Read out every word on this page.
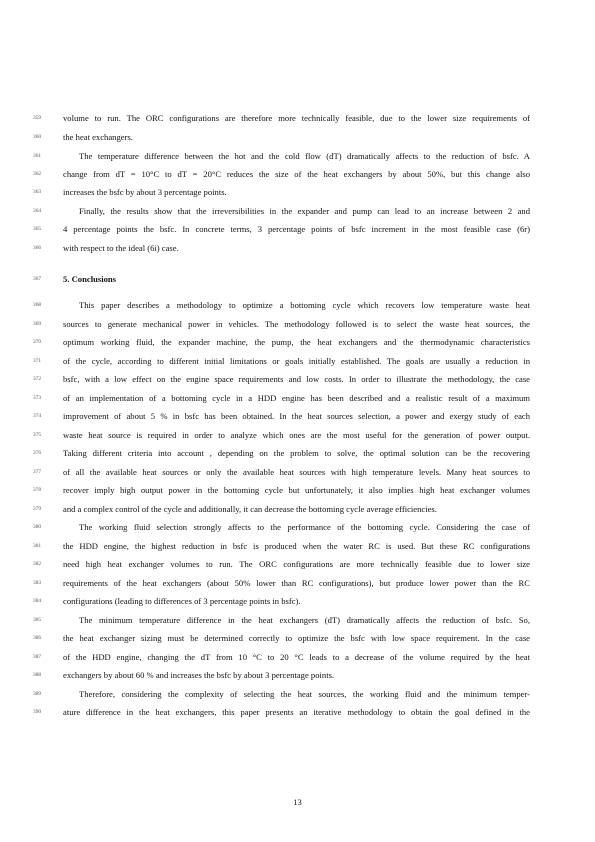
359	volume to run. The ORC configurations are therefore more technically feasible, due to the lower size requirements of
360	the heat exchangers.
361	The temperature difference between the hot and the cold flow (dT) dramatically affects to the reduction of bsfc. A
362	change from dT = 10°C to dT = 20°C reduces the size of the heat exchangers by about 50%, but this change also
363	increases the bsfc by about 3 percentage points.
364	Finally, the results show that the irreversibilities in the expander and pump can lead to an increase between 2 and
365	4 percentage points the bsfc. In concrete terms, 3 percentage points of bsfc increment in the most feasible case (6r)
366	with respect to the ideal (6i) case.
367	5. Conclusions
368	This paper describes a methodology to optimize a bottoming cycle which recovers low temperature waste heat
369	sources to generate mechanical power in vehicles. The methodology followed is to select the waste heat sources, the
370	optimum working fluid, the expander machine, the pump, the heat exchangers and the thermodynamic characteristics
371	of the cycle, according to different initial limitations or goals initially established. The goals are usually a reduction in
372	bsfc, with a low effect on the engine space requirements and low costs. In order to illustrate the methodology, the case
373	of an implementation of a bottoming cycle in a HDD engine has been described and a realistic result of a maximum
374	improvement of about 5 % in bsfc has been obtained. In the heat sources selection, a power and exergy study of each
375	waste heat source is required in order to analyze which ones are the most useful for the generation of power output.
376	Taking different criteria into account , depending on the problem to solve, the optimal solution can be the recovering
377	of all the available heat sources or only the available heat sources with high temperature levels. Many heat sources to
378	recover imply high output power in the bottoming cycle but unfortunately, it also implies high heat exchanger volumes
379	and a complex control of the cycle and additionally, it can decrease the bottoming cycle average efficiencies.
380	The working fluid selection strongly affects to the performance of the bottoming cycle. Considering the case of
381	the HDD engine, the highest reduction in bsfc is produced when the water RC is used. But these RC configurations
382	need high heat exchanger volumes to run. The ORC configurations are more technically feasible due to lower size
383	requirements of the heat exchangers (about 50% lower than RC configurations), but produce lower power than the RC
384	configurations (leading to differences of 3 percentage points in bsfc).
385	The minimum temperature difference in the heat exchangers (dT) dramatically affects the reduction of bsfc. So,
386	the heat exchanger sizing must be determined correctly to optimize the bsfc with low space requirement. In the case
387	of the HDD engine, changing the dT from 10 °C to 20 °C leads to a decrease of the volume required by the heat
388	exchangers by about 60 % and increases the bsfc by about 3 percentage points.
389	Therefore, considering the complexity of selecting the heat sources, the working fluid and the minimum temper-
390	ature difference in the heat exchangers, this paper presents an iterative methodology to obtain the goal defined in the
13
